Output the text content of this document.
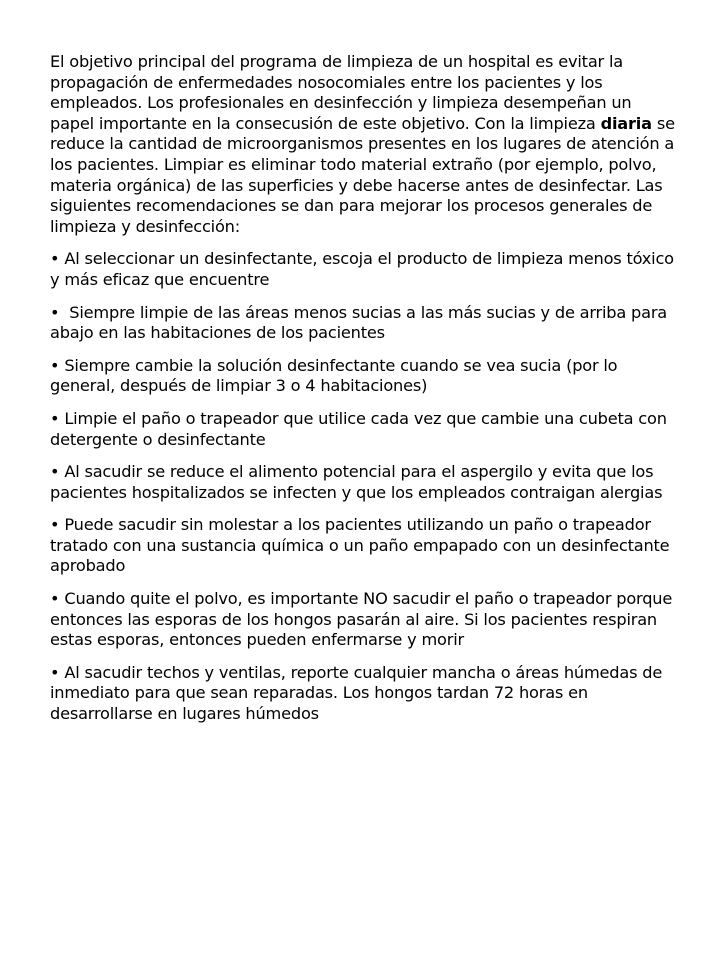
El objetivo principal del programa de limpieza de un hospital es evitar la propagación de enfermedades nosocomiales entre los pacientes y los empleados. Los profesionales en desinfección y limpieza desempeñan un papel importante en la consecusión de este objetivo. Con la limpieza diaria se reduce la cantidad de microorganismos presentes en los lugares de atención a los pacientes. Limpiar es eliminar todo material extraño (por ejemplo, polvo, materia orgánica) de las superficies y debe hacerse antes de desinfectar. Las siguientes recomendaciones se dan para mejorar los procesos generales de limpieza y desinfección:

• Al seleccionar un desinfectante, escoja el producto de limpieza menos tóxico y más eficaz que encuentre
• Siempre limpie de las áreas menos sucias a las más sucias y de arriba para abajo en las habitaciones de los pacientes
• Siempre cambie la solución desinfectante cuando se vea sucia (por lo general, después de limpiar 3 o 4 habitaciones)
• Limpie el paño o trapeador que utilice cada vez que cambie una cubeta con detergente o desinfectante
• Al sacudir se reduce el alimento potencial para el aspergilo y evita que los pacientes hospitalizados se infecten y que los empleados contraigan alergias
• Puede sacudir sin molestar a los pacientes utilizando un paño o trapeador tratado con una sustancia química o un paño empapado con un desinfectante aprobado
• Cuando quite el polvo, es importante NO sacudir el paño o trapeador porque entonces las esporas de los hongos pasarán al aire. Si los pacientes respiran estas esporas, entonces pueden enfermarse y morir
• Al sacudir techos y ventilas, reporte cualquier mancha o áreas húmedas de inmediato para que sean reparadas. Los hongos tardan 72 horas en desarrollarse en lugares húmedos
